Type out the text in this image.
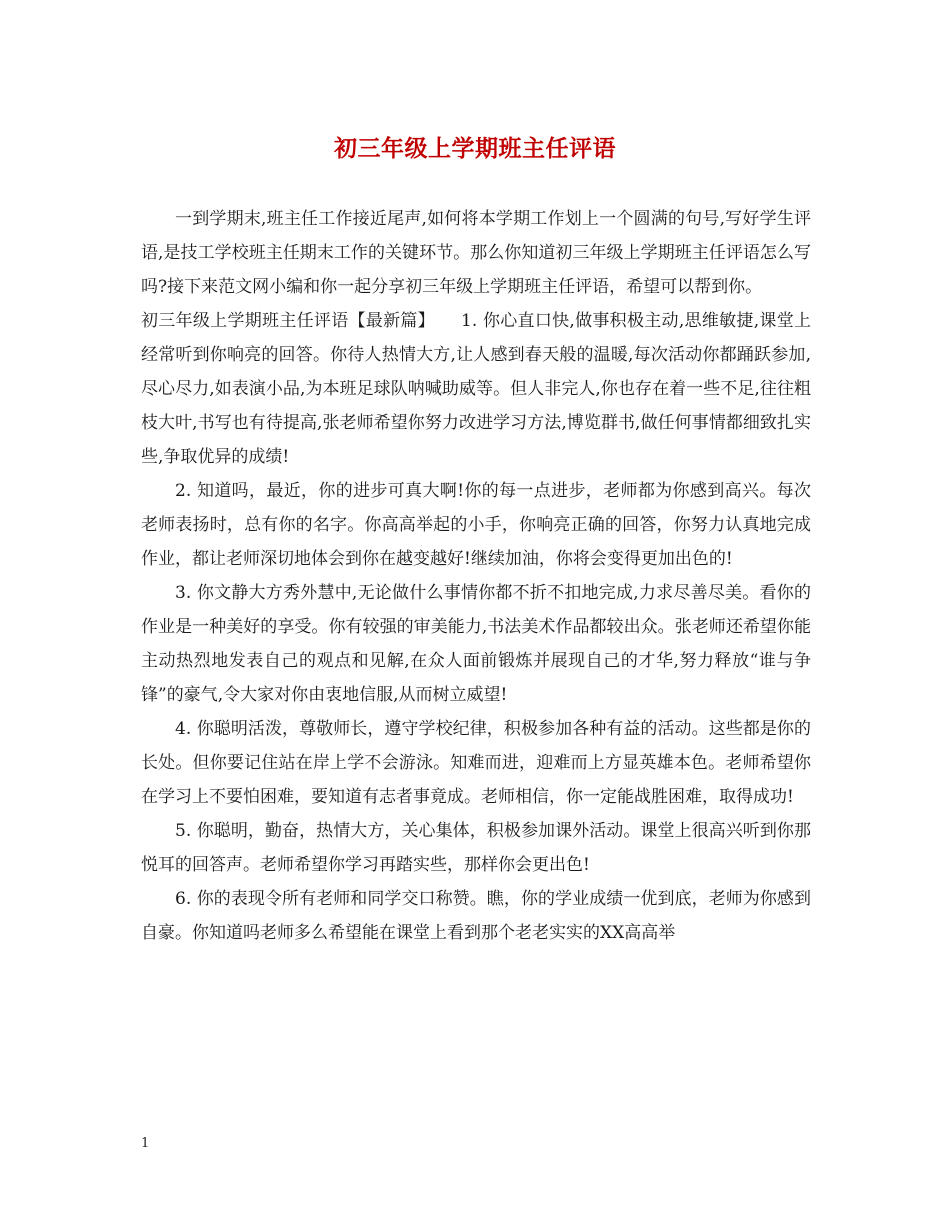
初三年级上学期班主任评语

一到学期末,班主任工作接近尾声,如何将本学期工作划上一个圆满的句号,写好学生评语,是技工学校班主任期末工作的关键环节。那么你知道初三年级上学期班主任评语怎么写吗?接下来范文网小编和你一起分享初三年级上学期班主任评语，希望可以帮到你。

初三年级上学期班主任评语【最新篇】　　1. 你心直口快,做事积极主动,思维敏捷,课堂上经常听到你响亮的回答。你待人热情大方,让人感到春天般的温暖,每次活动你都踊跃参加,尽心尽力,如表演小品,为本班足球队呐喊助威等。但人非完人,你也存在着一些不足,往往粗枝大叶,书写也有待提高,张老师希望你努力改进学习方法,博览群书,做任何事情都细致扎实些,争取优异的成绩!

2. 知道吗，最近，你的进步可真大啊!你的每一点进步，老师都为你感到高兴。每次老师表扬时，总有你的名字。你高高举起的小手，你响亮正确的回答，你努力认真地完成作业，都让老师深切地体会到你在越变越好!继续加油，你将会变得更加出色的!

3. 你文静大方秀外慧中,无论做什么事情你都不折不扣地完成,力求尽善尽美。看你的作业是一种美好的享受。你有较强的审美能力,书法美术作品都较出众。张老师还希望你能主动热烈地发表自己的观点和见解,在众人面前锻炼并展现自己的才华,努力释放“谁与争锋”的豪气,令大家对你由衷地信服,从而树立威望!

4. 你聪明活泼，尊敬师长，遵守学校纪律，积极参加各种有益的活动。这些都是你的长处。但你要记住站在岸上学不会游泳。知难而进，迎难而上方显英雄本色。老师希望你在学习上不要怕困难，要知道有志者事竟成。老师相信，你一定能战胜困难，取得成功!

5. 你聪明，勤奋，热情大方，关心集体，积极参加课外活动。课堂上很高兴听到你那悦耳的回答声。老师希望你学习再踏实些，那样你会更出色!

6. 你的表现令所有老师和同学交口称赞。瞧，你的学业成绩一优到底，老师为你感到自豪。你知道吗老师多么希望能在课堂上看到那个老老实实的XX高高举

1
